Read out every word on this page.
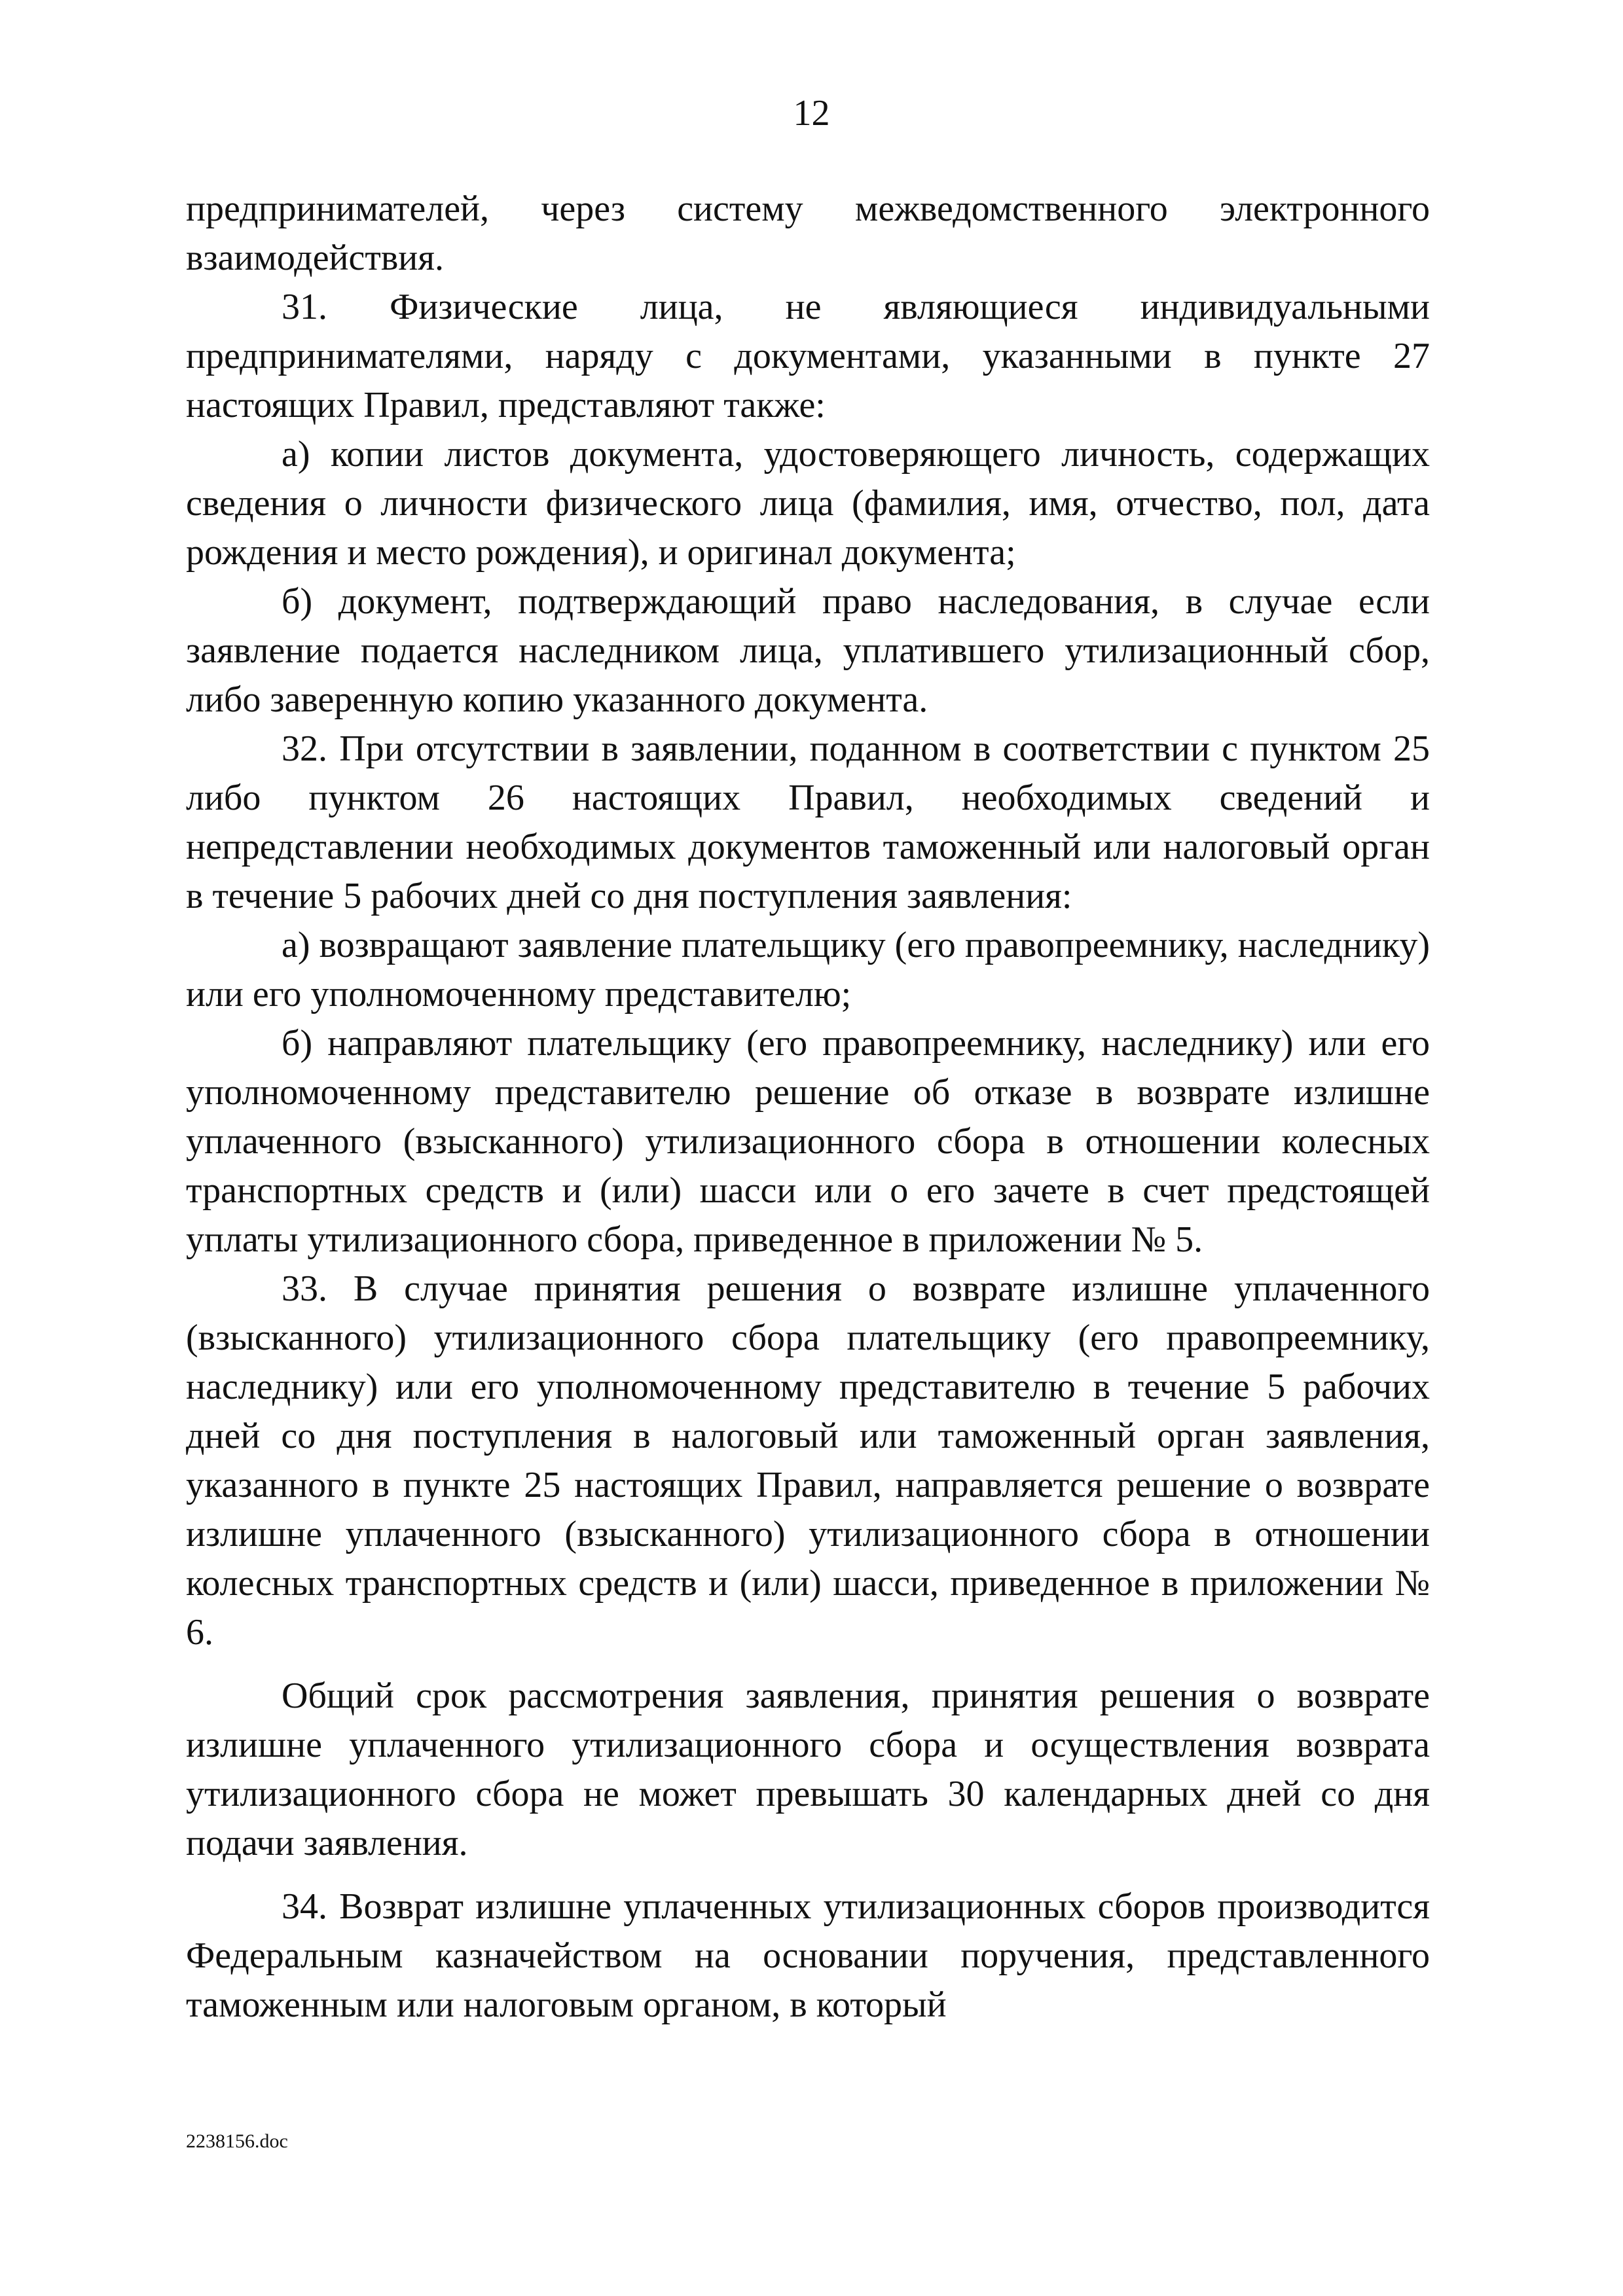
12

предпринимателей, через систему межведомственного электронного взаимодействия.

31. Физические лица, не являющиеся индивидуальными предпринимателями, наряду с документами, указанными в пункте 27 настоящих Правил, представляют также:

а) копии листов документа, удостоверяющего личность, содержащих сведения о личности физического лица (фамилия, имя, отчество, пол, дата рождения и место рождения), и оригинал документа;

б) документ, подтверждающий право наследования, в случае если заявление подается наследником лица, уплатившего утилизационный сбор, либо заверенную копию указанного документа.

32. При отсутствии в заявлении, поданном в соответствии с пунктом 25 либо пунктом 26 настоящих Правил, необходимых сведений и непредставлении необходимых документов таможенный или налоговый орган в течение 5 рабочих дней со дня поступления заявления:

а) возвращают заявление плательщику (его правопреемнику, наследнику) или его уполномоченному представителю;

б) направляют плательщику (его правопреемнику, наследнику) или его уполномоченному представителю решение об отказе в возврате излишне уплаченного (взысканного) утилизационного сбора в отношении колесных транспортных средств и (или) шасси или о его зачете в счет предстоящей уплаты утилизационного сбора, приведенное в приложении № 5.

33. В случае принятия решения о возврате излишне уплаченного (взысканного) утилизационного сбора плательщику (его правопреемнику, наследнику) или его уполномоченному представителю в течение 5 рабочих дней со дня поступления в налоговый или таможенный орган заявления, указанного в пункте 25 настоящих Правил, направляется решение о возврате излишне уплаченного (взысканного) утилизационного сбора в отношении колесных транспортных средств и (или) шасси, приведенное в приложении № 6.

Общий срок рассмотрения заявления, принятия решения о возврате излишне уплаченного утилизационного сбора и осуществления возврата утилизационного сбора не может превышать 30 календарных дней со дня подачи заявления.

34. Возврат излишне уплаченных утилизационных сборов производится Федеральным казначейством на основании поручения, представленного таможенным или налоговым органом, в который

2238156.doc
